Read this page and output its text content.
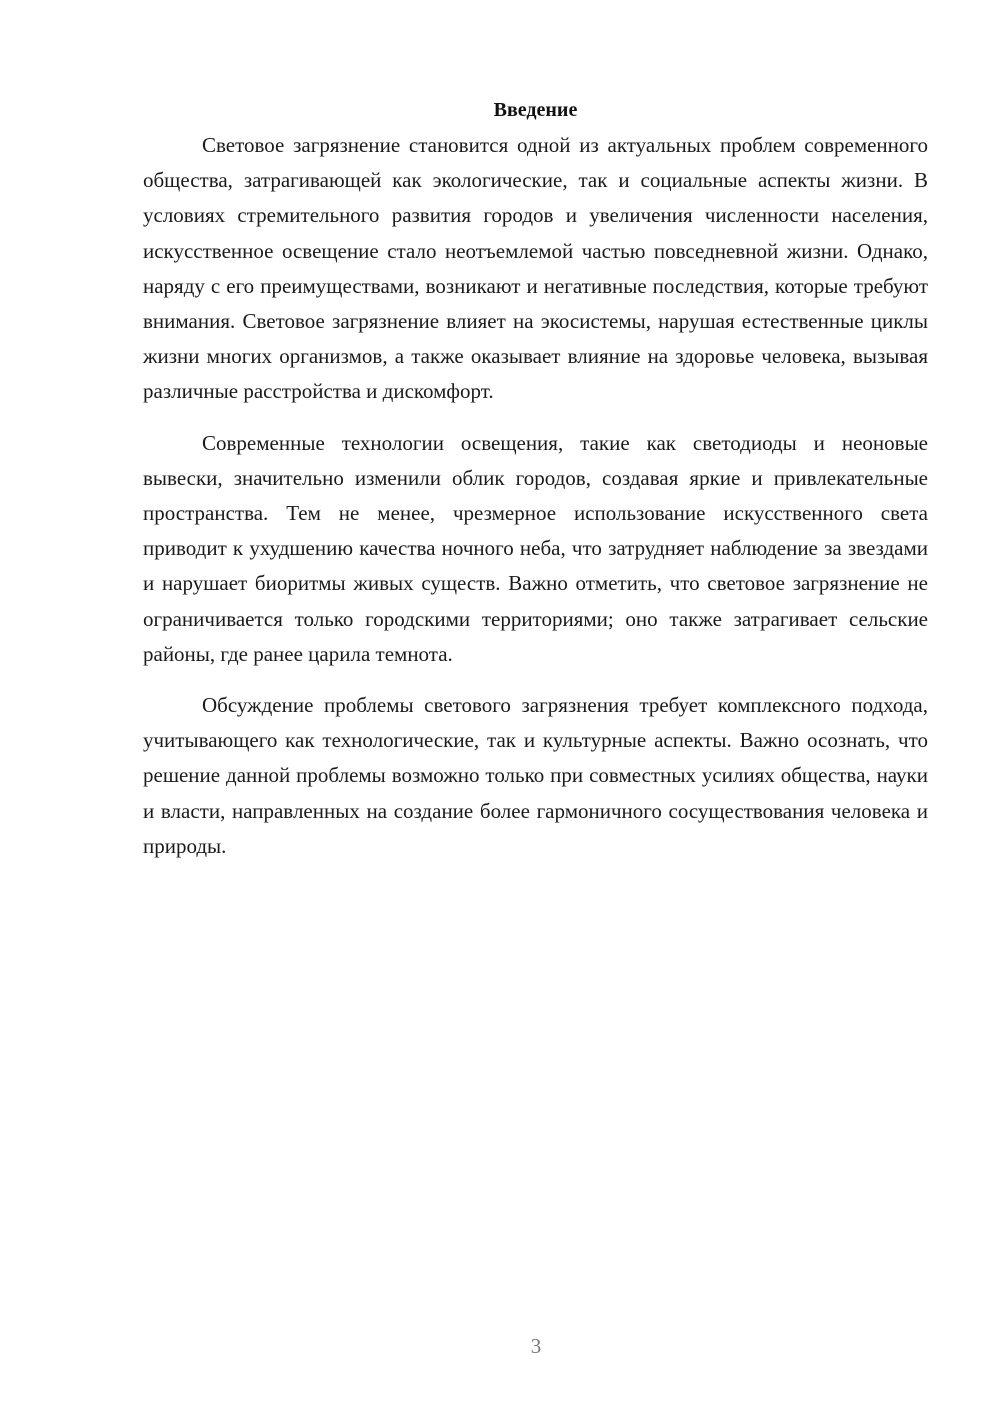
Введение

Световое загрязнение становится одной из актуальных проблем современного общества, затрагивающей как экологические, так и социальные аспекты жизни. В условиях стремительного развития городов и увеличения численности населения, искусственное освещение стало неотъемлемой частью повседневной жизни. Однако, наряду с его преимуществами, возникают и негативные последствия, которые требуют внимания. Световое загрязнение влияет на экосистемы, нарушая естественные циклы жизни многих организмов, а также оказывает влияние на здоровье человека, вызывая различные расстройства и дискомфорт.

Современные технологии освещения, такие как светодиоды и неоновые вывески, значительно изменили облик городов, создавая яркие и привлекательные пространства. Тем не менее, чрезмерное использование искусственного света приводит к ухудшению качества ночного неба, что затрудняет наблюдение за звездами и нарушает биоритмы живых существ. Важно отметить, что световое загрязнение не ограничивается только городскими территориями; оно также затрагивает сельские районы, где ранее царила темнота.

Обсуждение проблемы светового загрязнения требует комплексного подхода, учитывающего как технологические, так и культурные аспекты. Важно осознать, что решение данной проблемы возможно только при совместных усилиях общества, науки и власти, направленных на создание более гармоничного сосуществования человека и природы.

3
